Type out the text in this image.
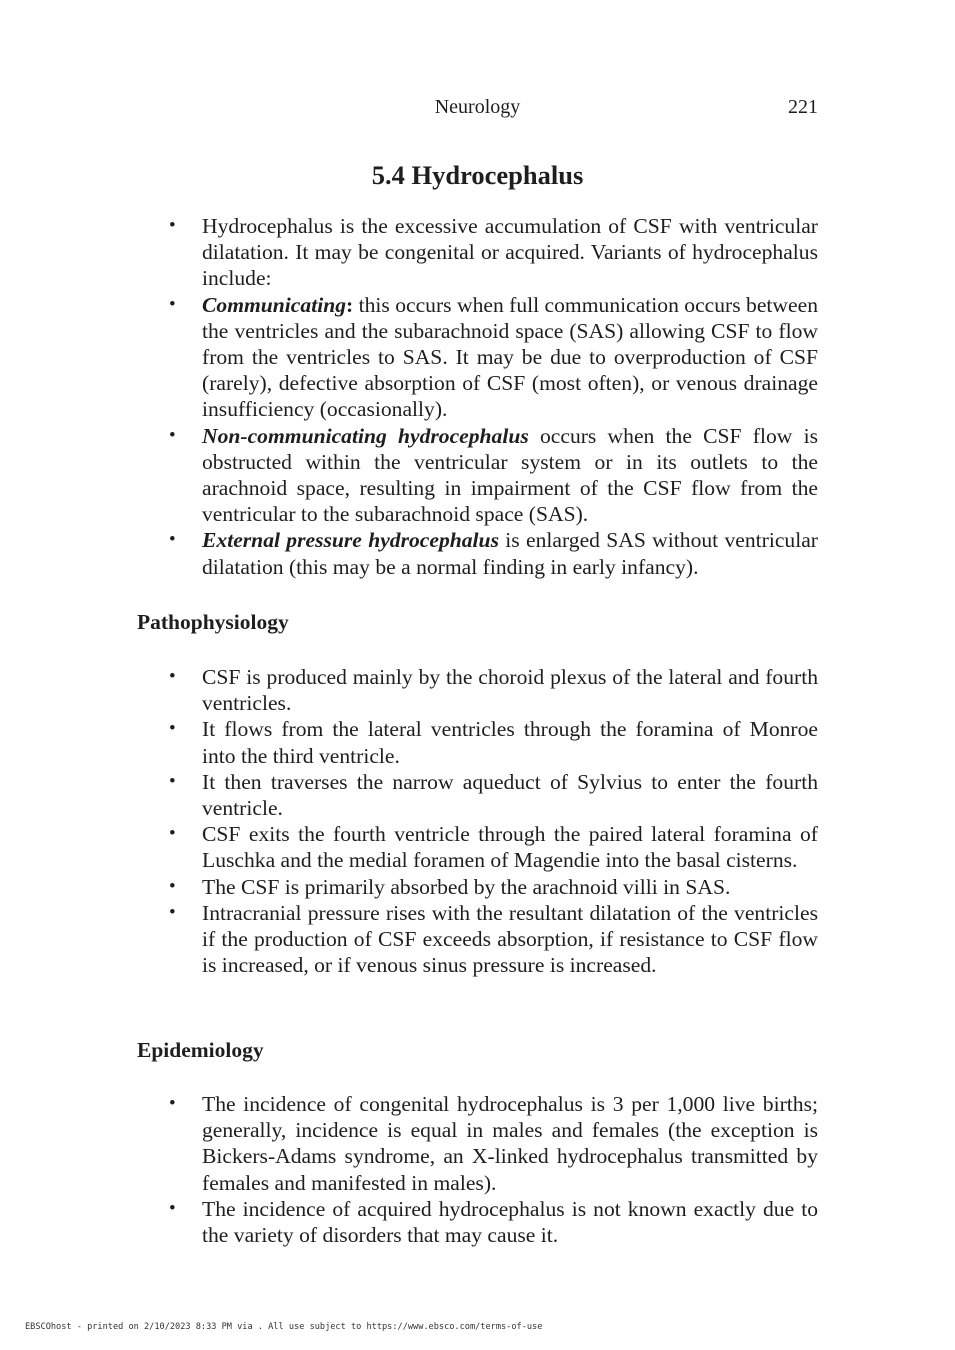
Neurology	221
5.4 Hydrocephalus
• Hydrocephalus is the excessive accumulation of CSF with ventricular dilatation. It may be congenital or acquired. Variants of hydrocephalus include:
• Communicating: this occurs when full communication occurs between the ventricles and the subarachnoid space (SAS) allowing CSF to flow from the ventricles to SAS. It may be due to overproduction of CSF (rarely), defective absorption of CSF (most often), or venous drainage insufficiency (occasionally).
• Non-communicating hydrocephalus occurs when the CSF flow is obstructed within the ventricular system or in its outlets to the arachnoid space, resulting in impairment of the CSF flow from the ventricular to the subarachnoid space (SAS).
• External pressure hydrocephalus is enlarged SAS without ventricular dilatation (this may be a normal finding in early infancy).
Pathophysiology
• CSF is produced mainly by the choroid plexus of the lateral and fourth ventricles.
• It flows from the lateral ventricles through the foramina of Monroe into the third ventricle.
• It then traverses the narrow aqueduct of Sylvius to enter the fourth ventricle.
• CSF exits the fourth ventricle through the paired lateral foramina of Luschka and the medial foramen of Magendie into the basal cisterns.
• The CSF is primarily absorbed by the arachnoid villi in SAS.
• Intracranial pressure rises with the resultant dilatation of the ventricles if the production of CSF exceeds absorption, if resistance to CSF flow is increased, or if venous sinus pressure is increased.
Epidemiology
• The incidence of congenital hydrocephalus is 3 per 1,000 live births; generally, incidence is equal in males and females (the exception is Bickers-Adams syndrome, an X-linked hydrocephalus transmitted by females and manifested in males).
• The incidence of acquired hydrocephalus is not known exactly due to the variety of disorders that may cause it.
EBSCOhost - printed on 2/10/2023 8:33 PM via . All use subject to https://www.ebsco.com/terms-of-use
